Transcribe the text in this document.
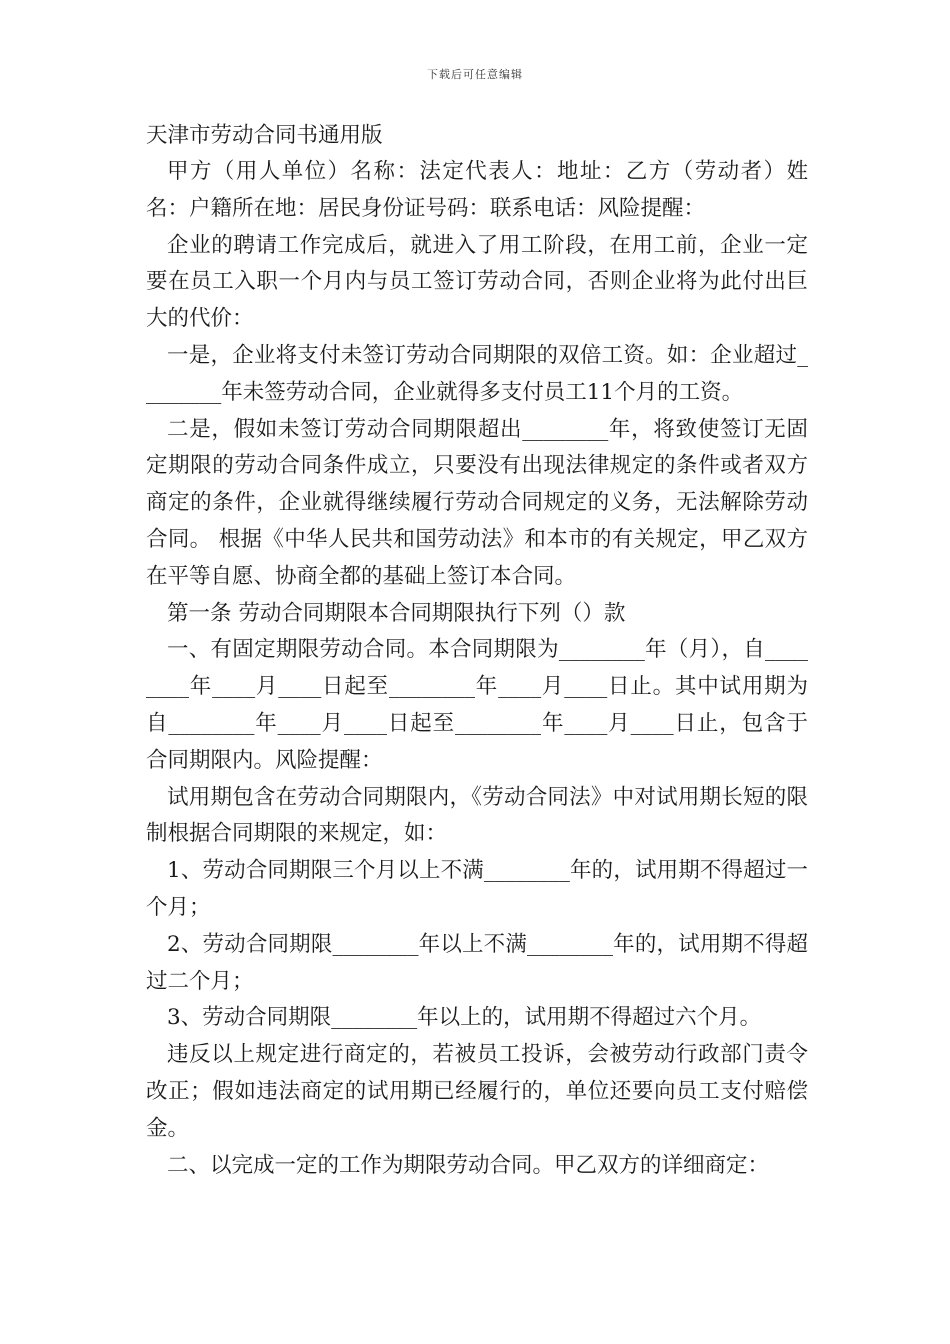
下载后可任意编辑
天津市劳动合同书通用版

甲方（用人单位）名称：法定代表人：地址：乙方（劳动者）姓名：户籍所在地：居民身份证号码：联系电话：风险提醒：

企业的聘请工作完成后，就进入了用工阶段，在用工前，企业一定要在员工入职一个月内与员工签订劳动合同，否则企业将为此付出巨大的代价：

一是，企业将支付未签订劳动合同期限的双倍工资。如：企业超过________年未签劳动合同，企业就得多支付员工11个月的工资。

二是，假如未签订劳动合同期限超出________年，将致使签订无固定期限的劳动合同条件成立，只要没有出现法律规定的条件或者双方商定的条件，企业就得继续履行劳动合同规定的义务，无法解除劳动合同。 根据《中华人民共和国劳动法》和本市的有关规定，甲乙双方在平等自愿、协商全都的基础上签订本合同。

第一条 劳动合同期限本合同期限执行下列（）款

一、有固定期限劳动合同。本合同期限为________年（月），自________年____月____日起至________年____月____日止。其中试用期为自________年____月____日起至________年____月____日止，包含于合同期限内。风险提醒：

试用期包含在劳动合同期限内，《劳动合同法》中对试用期长短的限制根据合同期限的来规定，如：

1、劳动合同期限三个月以上不满________年的，试用期不得超过一个月；

2、劳动合同期限________年以上不满________年的，试用期不得超过二个月；

3、劳动合同期限________年以上的，试用期不得超过六个月。

违反以上规定进行商定的，若被员工投诉，会被劳动行政部门责令改正；假如违法商定的试用期已经履行的，单位还要向员工支付赔偿金。

二、以完成一定的工作为期限劳动合同。甲乙双方的详细商定：
